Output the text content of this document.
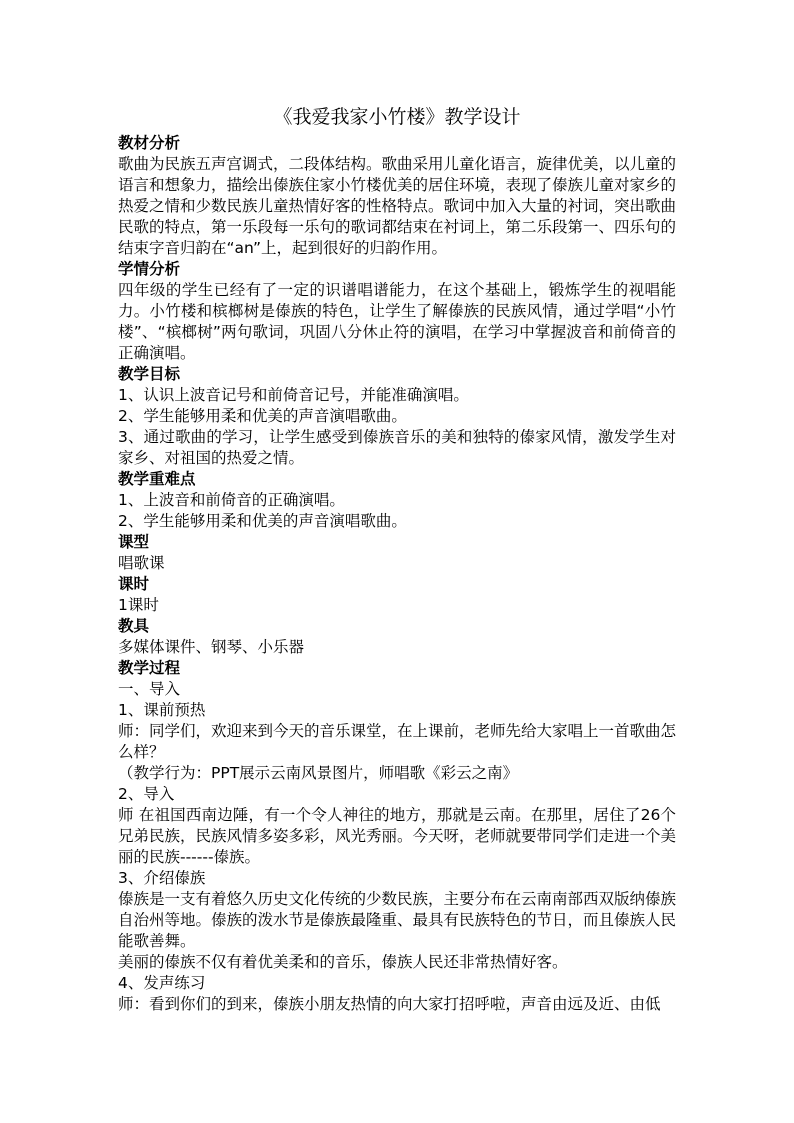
《我爱我家小竹楼》教学设计
教材分析
歌曲为民族五声宫调式，二段体结构。歌曲采用儿童化语言，旋律优美，以儿童的语言和想象力，描绘出傣族住家小竹楼优美的居住环境，表现了傣族儿童对家乡的热爱之情和少数民族儿童热情好客的性格特点。歌词中加入大量的衬词，突出歌曲民歌的特点，第一乐段每一乐句的歌词都结束在衬词上，第二乐段第一、四乐句的结束字音归韵在“an”上，起到很好的归韵作用。
学情分析
四年级的学生已经有了一定的识谱唱谱能力，在这个基础上，锻炼学生的视唱能力。小竹楼和槟榔树是傣族的特色，让学生了解傣族的民族风情，通过学唱“小竹楼”、“槟榔树”两句歌词，巩固八分休止符的演唱，在学习中掌握波音和前倚音的正确演唱。
教学目标
1、认识上波音记号和前倚音记号，并能准确演唱。
2、学生能够用柔和优美的声音演唱歌曲。
3、通过歌曲的学习，让学生感受到傣族音乐的美和独特的傣家风情，激发学生对家乡、对祖国的热爱之情。
教学重难点
1、上波音和前倚音的正确演唱。
2、学生能够用柔和优美的声音演唱歌曲。
课型
唱歌课
课时
1课时
教具
多媒体课件、钢琴、小乐器
教学过程
一、导入
1、课前预热
师：同学们，欢迎来到今天的音乐课堂，在上课前，老师先给大家唱上一首歌曲怎么样？
（教学行为：PPT展示云南风景图片，师唱歌《彩云之南》
2、导入
师 在祖国西南边陲，有一个令人神往的地方，那就是云南。在那里，居住了26个兄弟民族，民族风情多姿多彩，风光秀丽。今天呀，老师就要带同学们走进一个美丽的民族------傣族。
3、介绍傣族
傣族是一支有着悠久历史文化传统的少数民族，主要分布在云南南部西双版纳傣族自治州等地。傣族的泼水节是傣族最隆重、最具有民族特色的节日，而且傣族人民能歌善舞。
美丽的傣族不仅有着优美柔和的音乐，傣族人民还非常热情好客。
4、发声练习
师：看到你们的到来，傣族小朋友热情的向大家打招呼啦，声音由远及近、由低
